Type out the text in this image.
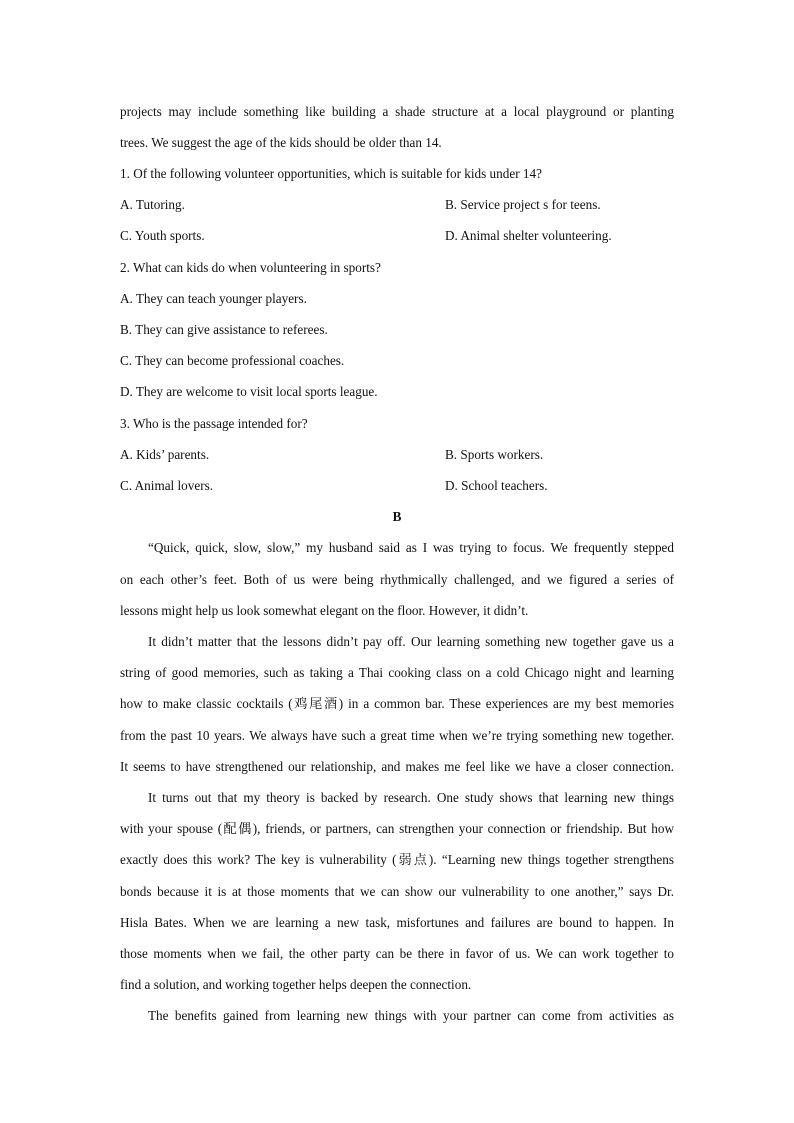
projects may include something like building a shade structure at a local playground or planting
trees. We suggest the age of the kids should be older than 14.
1. Of the following volunteer opportunities, which is suitable for kids under 14?
A. Tutoring.	B. Service project s for teens.
C. Youth sports.	D. Animal shelter volunteering.
2. What can kids do when volunteering in sports?
A. They can teach younger players.
B. They can give assistance to referees.
C. They can become professional coaches.
D. They are welcome to visit local sports league.
3. Who is the passage intended for?
A. Kids’ parents.	B. Sports workers.
C. Animal lovers.	D. School teachers.
B
“Quick, quick, slow, slow,” my husband said as I was trying to focus. We frequently stepped
on each other’s feet. Both of us were being rhythmically challenged, and we figured a series of
lessons might help us look somewhat elegant on the floor. However, it didn’t.
It didn’t matter that the lessons didn’t pay off. Our learning something new together gave us a
string of good memories, such as taking a Thai cooking class on a cold Chicago night and learning
how to make classic cocktails (鸡尾酒) in a common bar. These experiences are my best memories
from the past 10 years. We always have such a great time when we’re trying something new together.
It seems to have strengthened our relationship, and makes me feel like we have a closer connection.
It turns out that my theory is backed by research. One study shows that learning new things
with your spouse (配偶), friends, or partners, can strengthen your connection or friendship. But how
exactly does this work? The key is vulnerability (弱点). “Learning new things together strengthens
bonds because it is at those moments that we can show our vulnerability to one another,” says Dr.
Hisla Bates. When we are learning a new task, misfortunes and failures are bound to happen. In
those moments when we fail, the other party can be there in favor of us. We can work together to
find a solution, and working together helps deepen the connection.
The benefits gained from learning new things with your partner can come from activities as
